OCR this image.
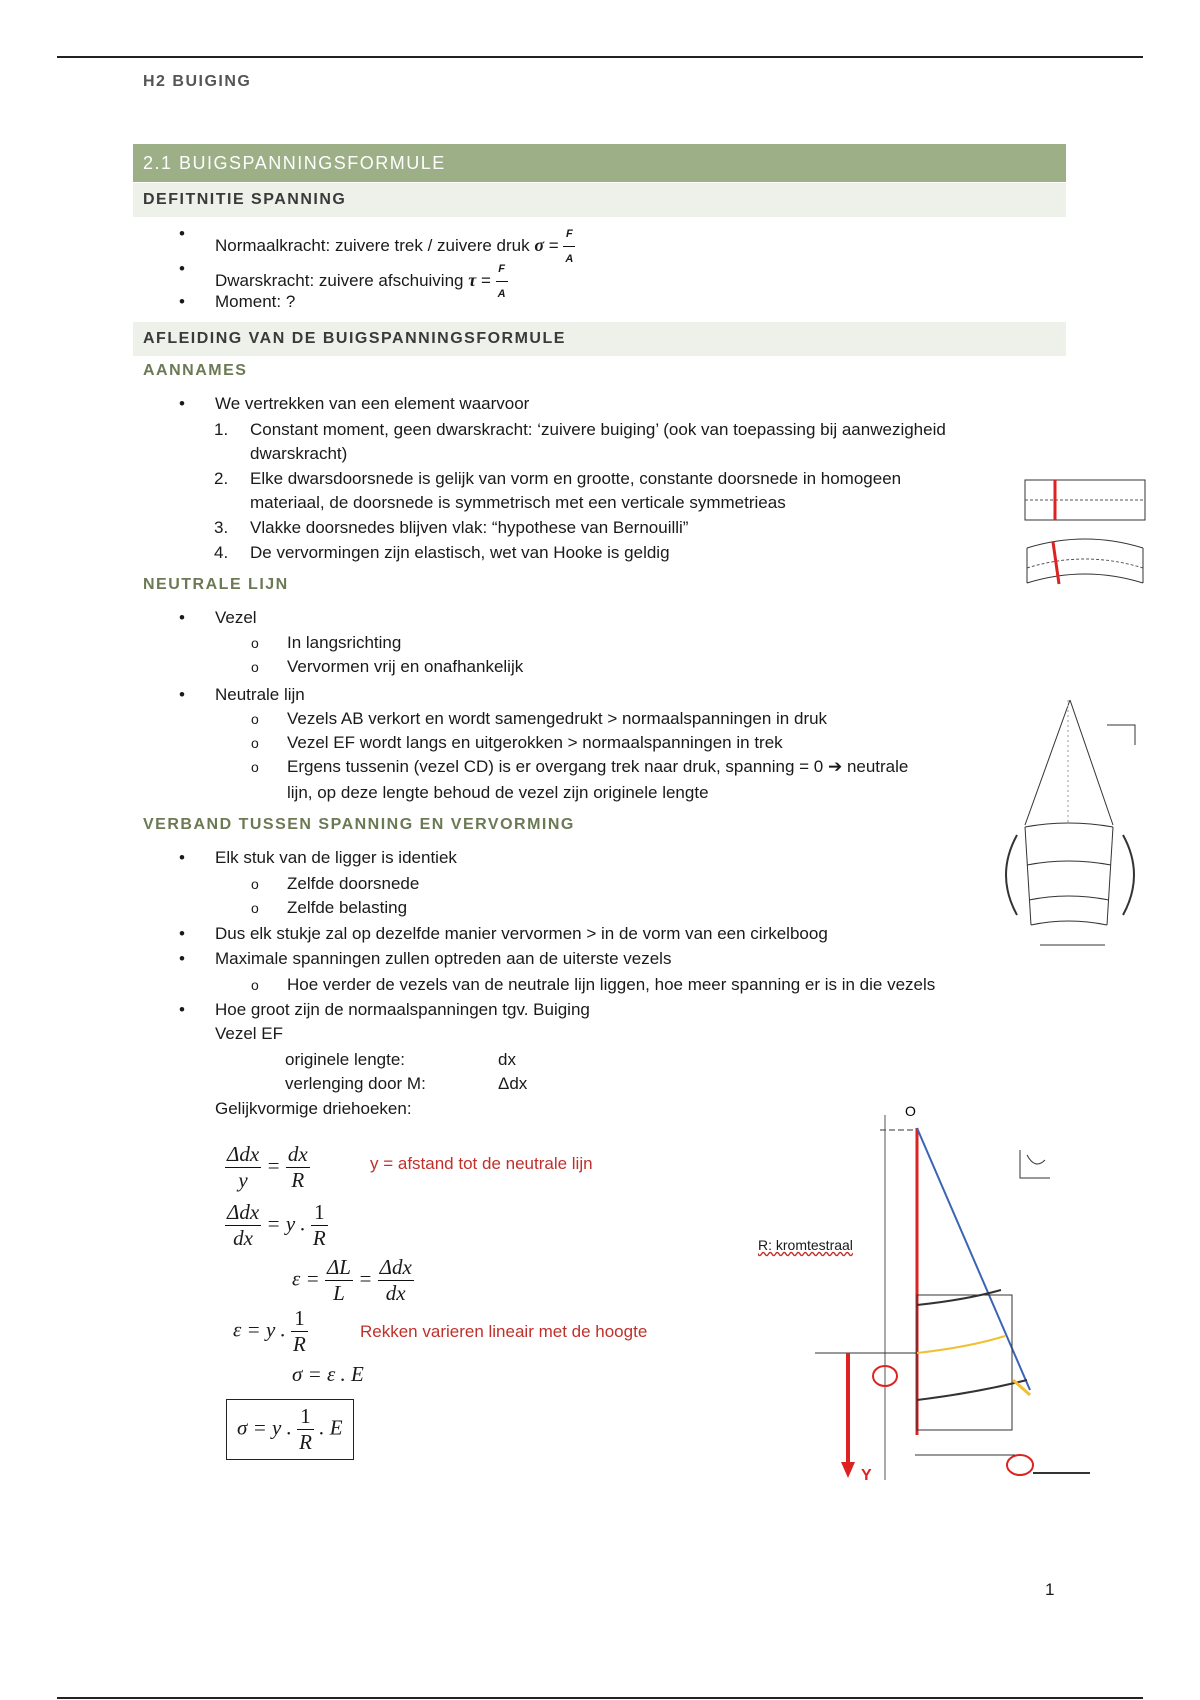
H2 BUIGING
2.1 BUIGSPANNINGSFORMULE
DEFITNITIE SPANNING
• Normaalkracht: zuivere trek / zuivere druk $\sigma = \frac{F}{A}$
• Dwarskracht: zuivere afschuiving $\tau = \frac{F}{A}$
• Moment: ?
AFLEIDING VAN DE BUIGSPANNINGSFORMULE
AANNAMES
• We vertrekken van een element waarvoor
1. Constant moment, geen dwarskracht: ‘zuivere buiging’ (ook van toepassing bij aanwezigheid
dwarskracht)
2. Elke dwarsdoorsnede is gelijk van vorm en grootte, constante doorsnede in homogeen
materiaal, de doorsnede is symmetrisch met een verticale symmetrieas
3. Vlakke doorsnedes blijven vlak: “hypothese van Bernouilli”
4. De vervormingen zijn elastisch, wet van Hooke is geldig
NEUTRALE LIJN
• Vezel
o In langsrichting
o Vervormen vrij en onafhankelijk
• Neutrale lijn
o Vezels AB verkort en wordt samengedrukt > normaalspanningen in druk
o Vezel EF wordt langs en uitgerokken > normaalspanningen in trek
o Ergens tussenin (vezel CD) is er overgang trek naar druk, spanning = 0 ➔ neutrale
lijn, op deze lengte behoud de vezel zijn originele lengte
VERBAND TUSSEN SPANNING EN VERVORMING
• Elk stuk van de ligger is identiek
o Zelfde doorsnede
o Zelfde belasting
• Dus elk stukje zal op dezelfde manier vervormen > in de vorm van een cirkelboog
• Maximale spanningen zullen optreden aan de uiterste vezels
o Hoe verder de vezels van de neutrale lijn liggen, hoe meer spanning er is in die vezels
• Hoe groot zijn de normaalspanningen tgv. Buiging
Vezel EF
originele lengte:	dx
verlenging door M:	Δdx
Gelijkvormige driehoeken:
$\frac{\text{Δdx}}{y} = \frac{dx}{R}$	y = afstand tot de neutrale lijn
$\frac{\text{Δdx}}{dx} = y$ . $\frac{1}{R}$
$\varepsilon = \frac{\Delta L}{L} = \frac{\text{Δdx}}{dx}$
ε = y . $\frac{1}{R}$	Rekken varieren lineair met de hoogte
σ = ε . E
σ = y . $\frac{1}{R}$ . E
R: kromtestraal
O
Y
1
